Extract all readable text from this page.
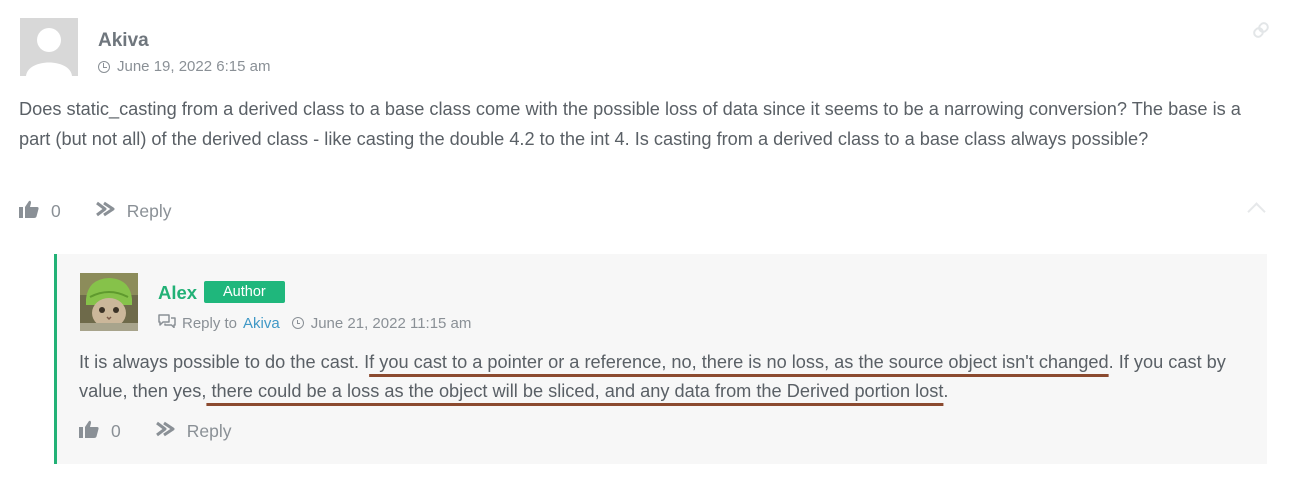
Akiva
June 19, 2022 6:15 am
Does static_casting from a derived class to a base class come with the possible loss of data since it seems to be a narrowing conversion? The base is a part (but not all) of the derived class - like casting the double 4.2 to the int 4. Is casting from a derived class to a base class always possible?
0	Reply
Alex	Author
Reply to Akiva June 21, 2022 11:15 am
It is always possible to do the cast. If you cast to a pointer or a reference, no, there is no loss, as the source object isn't changed. If you cast by value, then yes, there could be a loss as the object will be sliced, and any data from the Derived portion lost.
0	Reply
